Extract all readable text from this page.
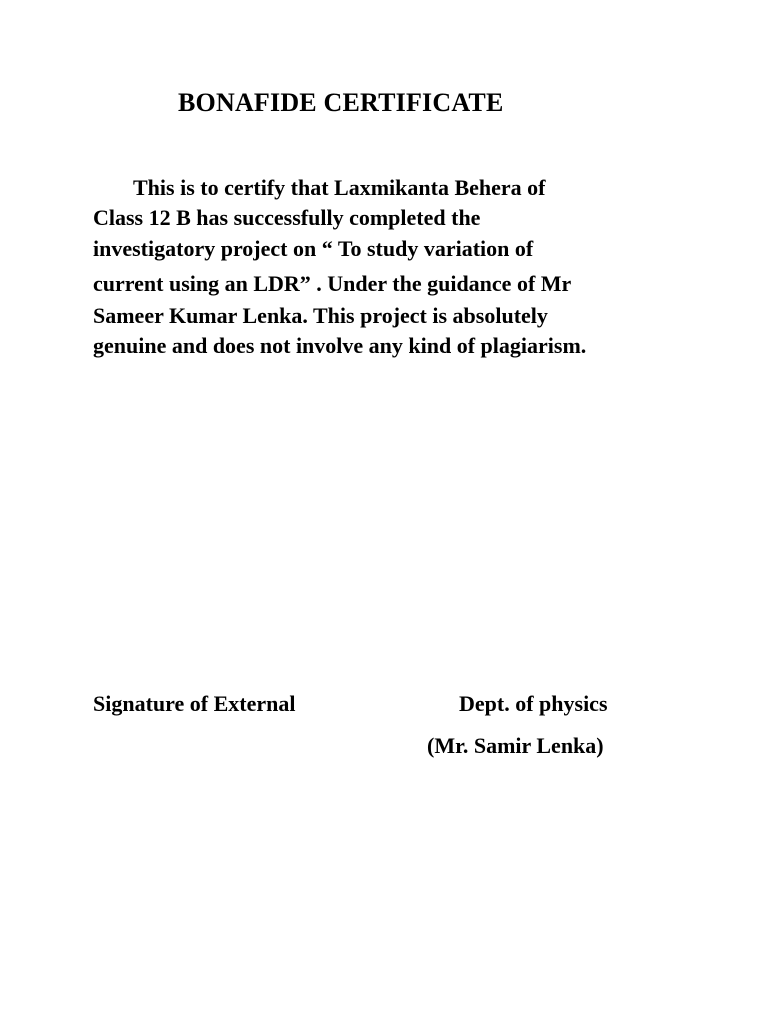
BONAFIDE CERTIFICATE
This is to certify that Laxmikanta Behera of
Class 12 B has successfully completed the
investigatory project on “ To study variation of
current using an LDR” . Under the guidance of Mr
Sameer Kumar Lenka. This project is absolutely
genuine and does not involve any kind of plagiarism.
Signature of External	Dept. of physics
(Mr. Samir Lenka)
